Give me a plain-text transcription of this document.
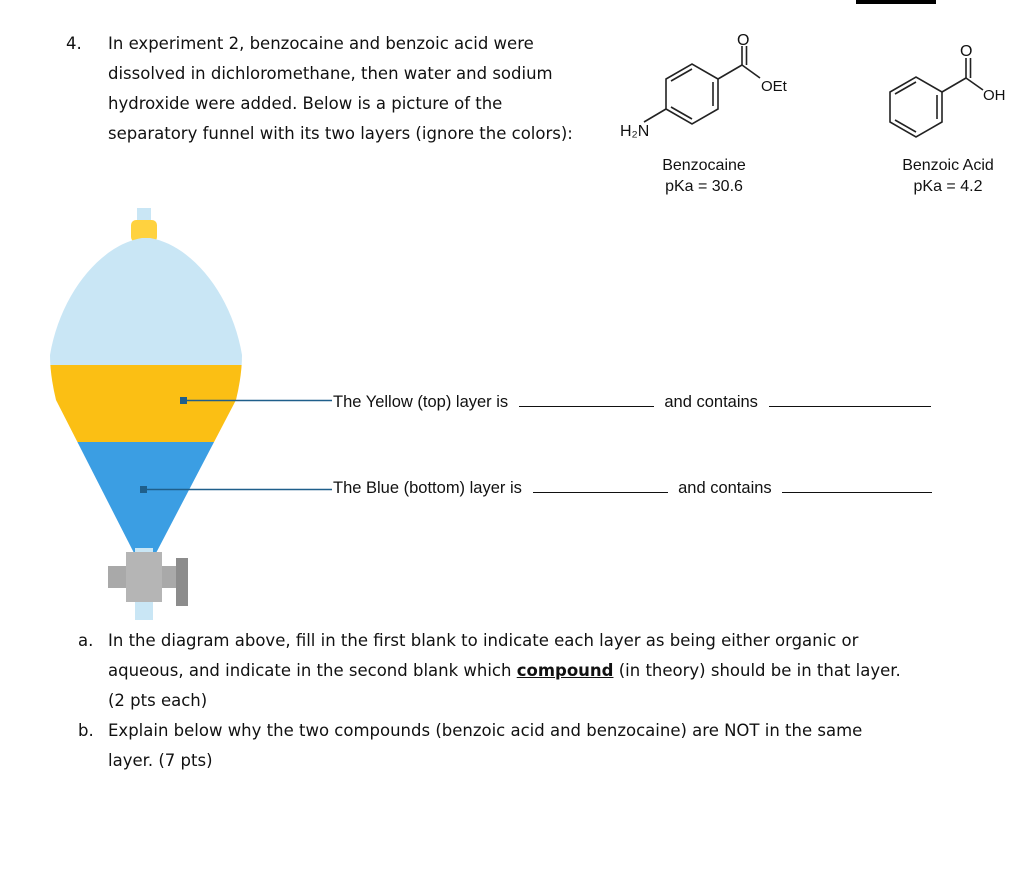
4. In experiment 2, benzocaine and benzoic acid were
dissolved in dichloromethane, then water and sodium
hydroxide were added. Below is a picture of the
separatory funnel with its two layers (ignore the colors):
O
OEt
H₂N
Benzocaine
pKa = 30.6
O
OH
Benzoic Acid
pKa = 4.2
The Yellow (top) layer is	and contains
The Blue (bottom) layer is	and contains
a. In the diagram above, fill in the first blank to indicate each layer as being either organic or
aqueous, and indicate in the second blank which compound (in theory) should be in that layer.
(2 pts each)
b. Explain below why the two compounds (benzoic acid and benzocaine) are NOT in the same
layer. (7 pts)
